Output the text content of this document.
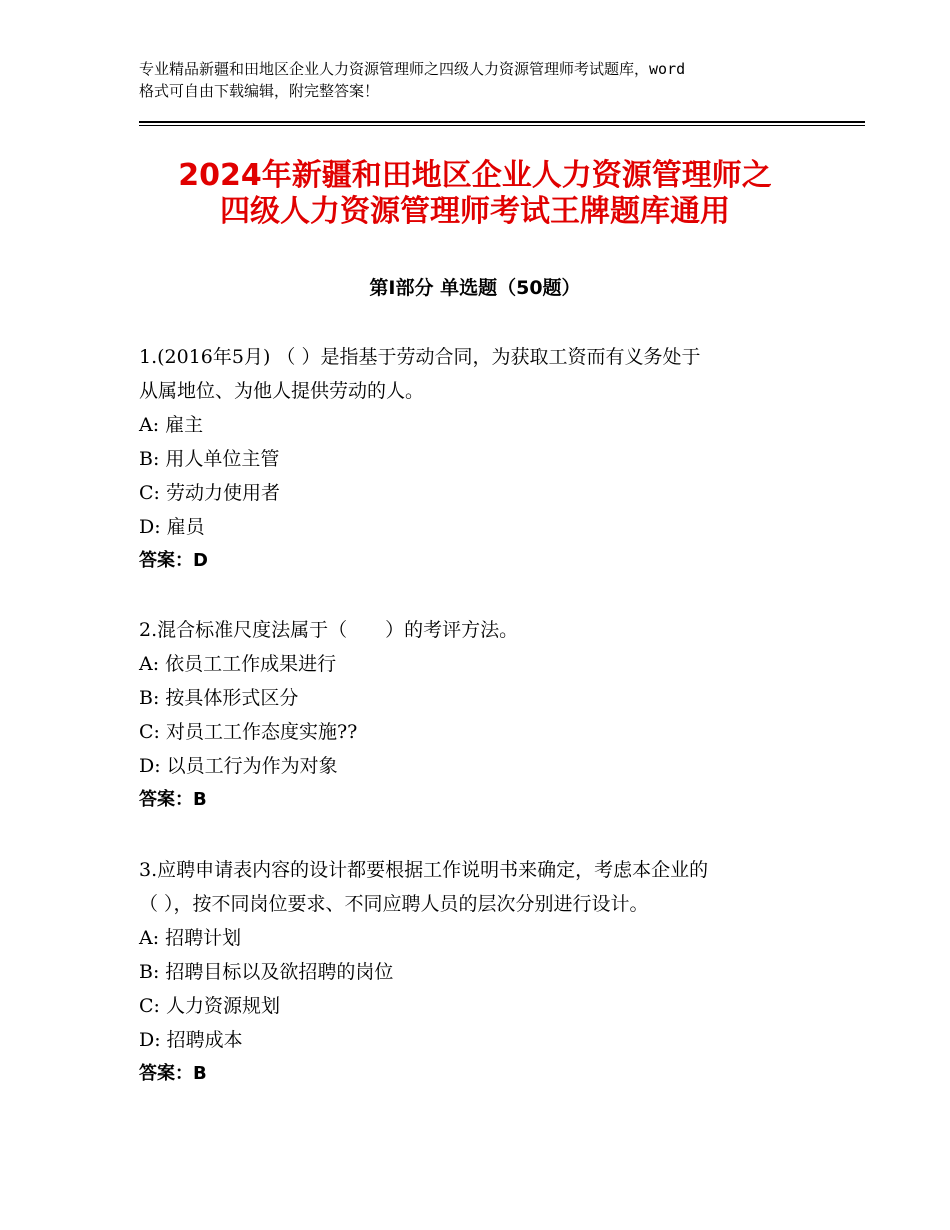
专业精品新疆和田地区企业人力资源管理师之四级人力资源管理师考试题库，word
格式可自由下载编辑，附完整答案！
2024年新疆和田地区企业人力资源管理师之
四级人力资源管理师考试王牌题库通用
第Ⅰ部分 单选题（50题）
1.(2016年5月) （ ）是指基于劳动合同，为获取工资而有义务处于
从属地位、为他人提供劳动的人。
A: 雇主
B: 用人单位主管
C: 劳动力使用者
D: 雇员
答案：D
2.混合标准尺度法属于（　　）的考评方法。
A: 依员工工作成果进行
B: 按具体形式区分
C: 对员工工作态度实施??
D: 以员工行为作为对象
答案：B
3.应聘申请表内容的设计都要根据工作说明书来确定，考虑本企业的
（ ），按不同岗位要求、不同应聘人员的层次分别进行设计。
A: 招聘计划
B: 招聘目标以及欲招聘的岗位
C: 人力资源规划
D: 招聘成本
答案：B
